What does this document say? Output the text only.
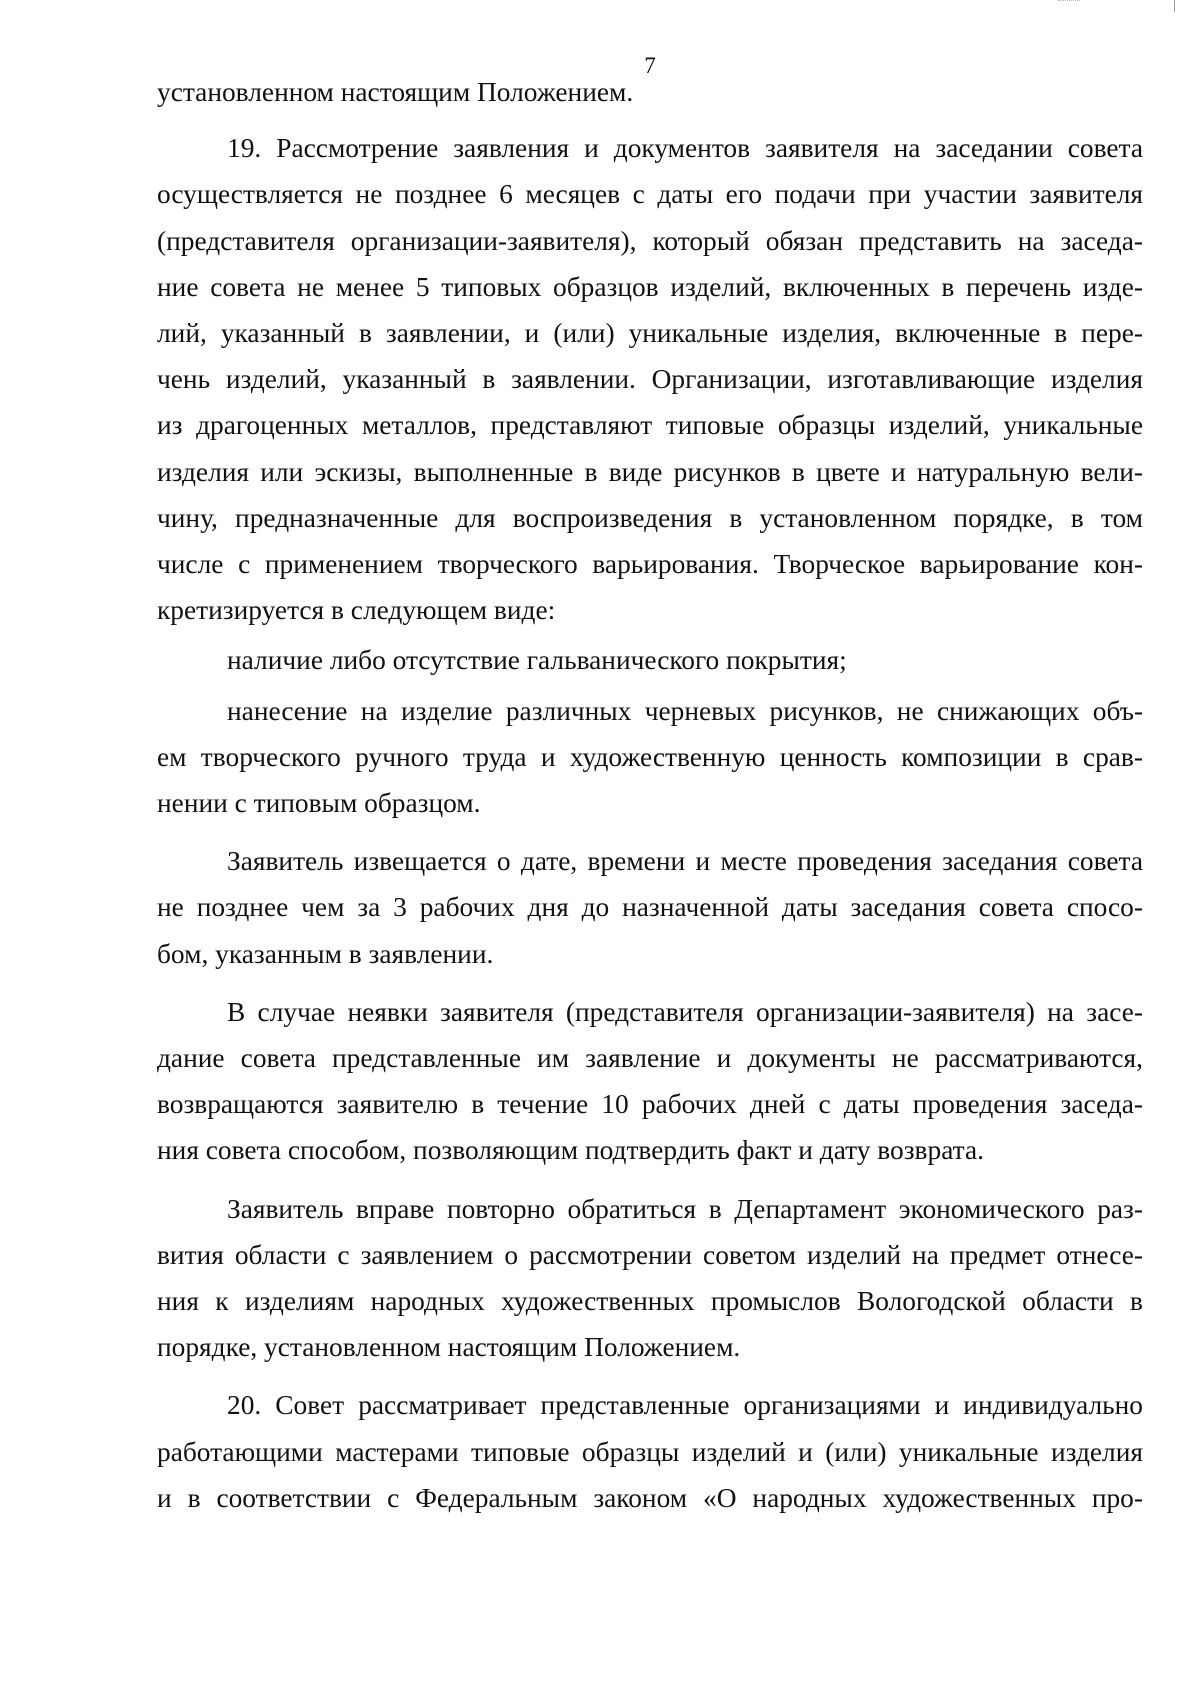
7
установленном настоящим Положением.
19. Рассмотрение заявления и документов заявителя на заседании совета
осуществляется не позднее 6 месяцев с даты его подачи при участии заявителя
(представителя организации-заявителя), который обязан представить на заседа-
ние совета не менее 5 типовых образцов изделий, включенных в перечень изде-
лий, указанный в заявлении, и (или) уникальные изделия, включенные в пере-
чень изделий, указанный в заявлении. Организации, изготавливающие изделия
из драгоценных металлов, представляют типовые образцы изделий, уникальные
изделия или эскизы, выполненные в виде рисунков в цвете и натуральную вели-
чину, предназначенные для воспроизведения в установленном порядке, в том
числе с применением творческого варьирования. Творческое варьирование кон-
кретизируется в следующем виде:
наличие либо отсутствие гальванического покрытия;
нанесение на изделие различных черневых рисунков, не снижающих объ-
ем творческого ручного труда и художественную ценность композиции в срав-
нении с типовым образцом.
Заявитель извещается о дате, времени и месте проведения заседания совета
не позднее чем за 3 рабочих дня до назначенной даты заседания совета спосо-
бом, указанным в заявлении.
В случае неявки заявителя (представителя организации-заявителя) на засе-
дание совета представленные им заявление и документы не рассматриваются,
возвращаются заявителю в течение 10 рабочих дней с даты проведения заседа-
ния совета способом, позволяющим подтвердить факт и дату возврата.
Заявитель вправе повторно обратиться в Департамент экономического раз-
вития области с заявлением о рассмотрении советом изделий на предмет отнесе-
ния к изделиям народных художественных промыслов Вологодской области в
порядке, установленном настоящим Положением.
20. Совет рассматривает представленные организациями и индивидуально
работающими мастерами типовые образцы изделий и (или) уникальные изделия
и в соответствии с Федеральным законом «О народных художественных про-
